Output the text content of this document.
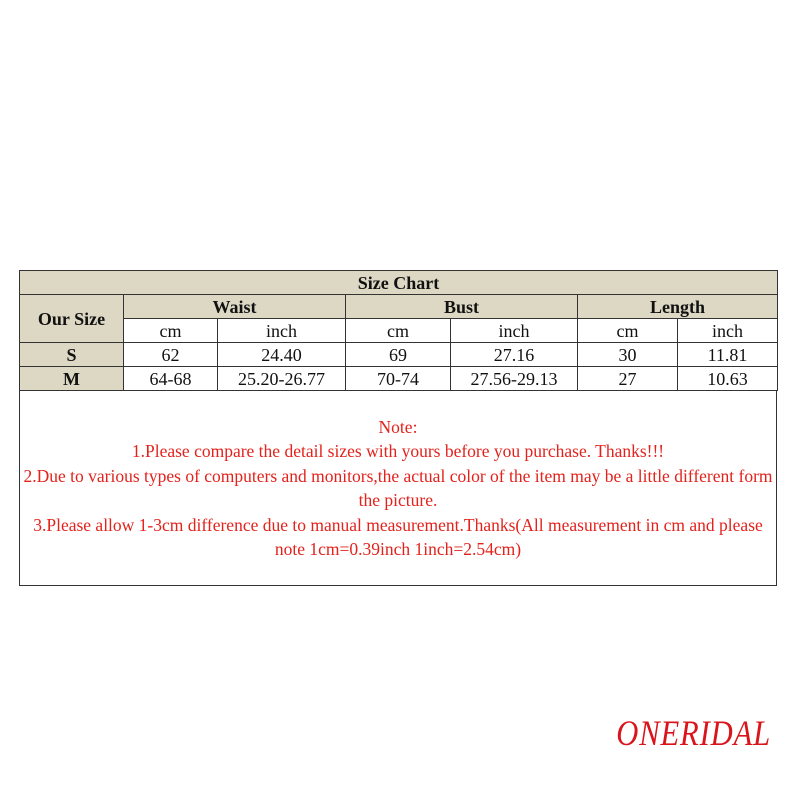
Size Chart						
Our Size	Waist		Bust		Length	
	cm	inch	cm	inch	cm	inch
S	62	24.40	69	27.16	30	11.81
M	64-68	25.20-26.77	70-74	27.56-29.13	27	10.63
Note:
1.Please compare the detail sizes with yours before you purchase. Thanks!!!
2.Due to various types of computers and monitors,the actual color of the item may be a little different form the picture.
3.Please allow 1-3cm difference due to manual measurement.Thanks(All measurement in cm and please note 1cm=0.39inch 1inch=2.54cm)
ONERIDAL
